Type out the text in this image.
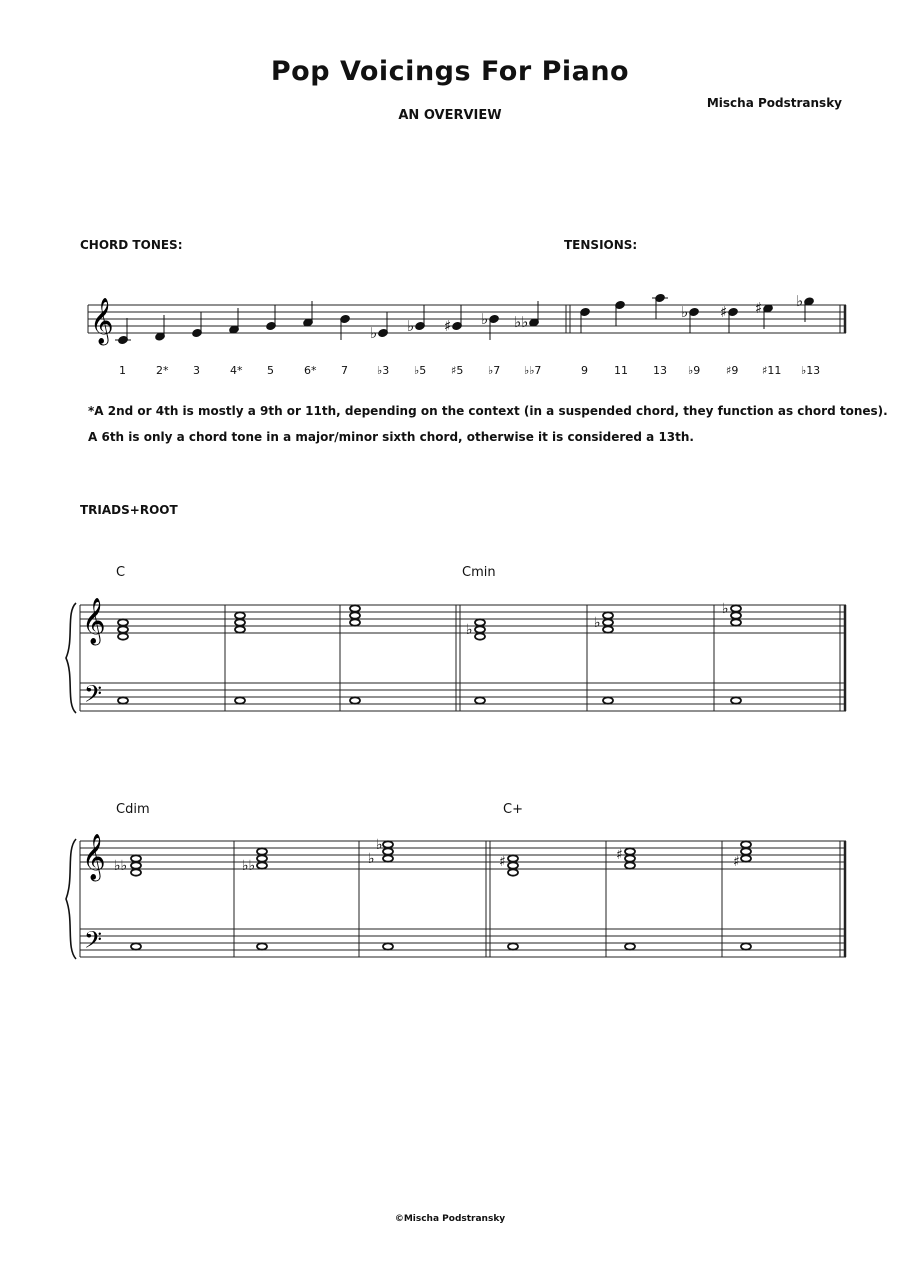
Pop Voicings For Piano
AN OVERVIEW
Mischa Podstransky
CHORD TONES:	TENSIONS:
*A 2nd or 4th is mostly a 9th or 11th, depending on the context (in a suspended chord, they function as chord tones).
A 6th is only a chord tone in a major/minor sixth chord, otherwise it is considered a 13th.
TRIADS+ROOT
C	Cmin
Cdim	C+
©Mischa Podstransky
𝄞	♭ ♭ ♯ ♭ ♭♭
♭ ♯ ♯ ♭
1	2* 3	4* 5	6* 7	♭3 ♭5 ♯5 ♭7 ♭♭7	9 11 13 ♭9 ♯9 ♯11 ♭13
𝄞
𝄢
♭	♭
♭
𝄞
𝄢
♭♭	♭♭	♭
♭
♯	♯	♯
